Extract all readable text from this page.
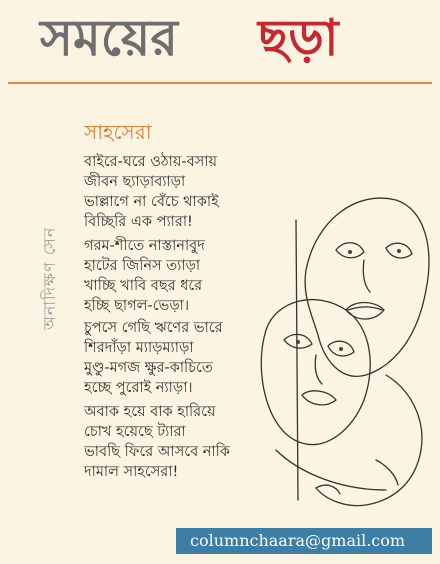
সময়ের ছড়া
অনাদিক্ষণ সেন
সাহসেরা
বাইরে-ঘরে ওঠায়-বসায়
জীবন ছ্যাড়াব্যাড়া
ভাল্লাগে না বেঁচে থাকাই
বিচ্ছিরি এক প্যারা!
গরম-শীতে নাস্তানাবুদ
হাটের জিনিস ত্যাড়া
খাচ্ছি খাবি বছর ধরে
হচ্ছি ছাগল-ভেড়া।
চুপসে গেছি ঋণের ভারে
শিরদাঁড়া ম্যাড়ম্যাড়া
মুণ্ডু-মগজ ক্ষুর-কাচিতে
হচ্ছে পুরোই ন্যাড়া।
অবাক হয়ে বাক হারিয়ে
চোখ হয়েছে ট্যারা
ভাবছি ফিরে আসবে নাকি
দামাল সাহসেরা!
columnchaara@gmail.com
